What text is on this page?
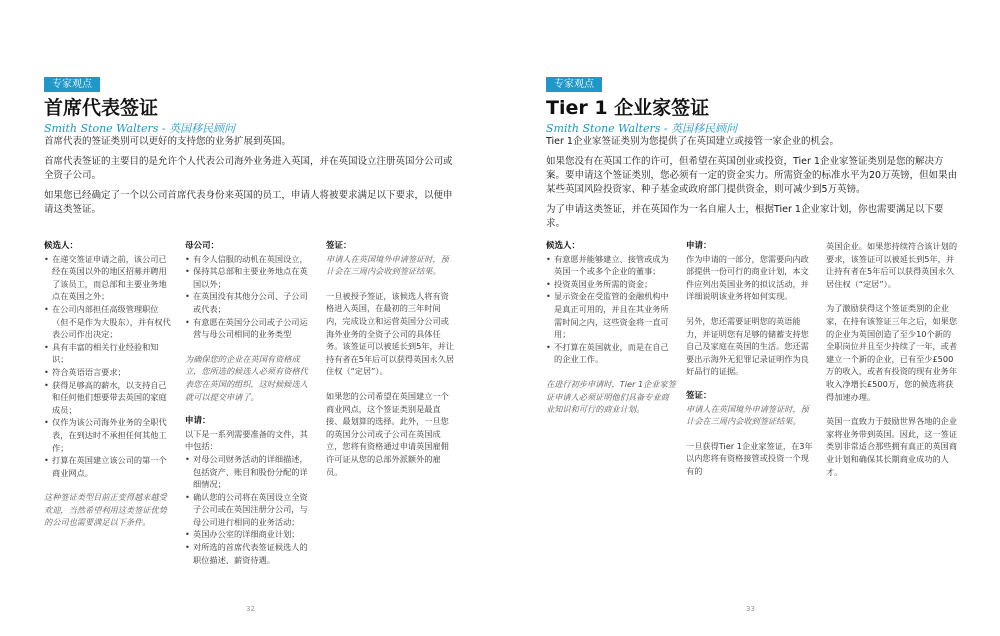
专家观点
首席代表签证
Smith Stone Walters - 英国移民顾问

首席代表的签证类别可以更好的支持您的业务扩展到英国。

首席代表签证的主要目的是允许个人代表公司海外业务进入英国，并在英国设立注册英国分公司或全资子公司。

如果您已经确定了一个以公司首席代表身份来英国的员工，申请人将被要求满足以下要求，以便申请这类签证。

候选人：
• 在递交签证申请之前，该公司已经在英国以外的地区招募并聘用了该员工，而总部和主要业务地点在英国之外；
• 在公司内部担任高级管理职位（但不是作为大股东），并有权代表公司作出决定；
• 具有丰富的相关行业经验和知识；
• 符合英语语言要求；
• 获得足够高的薪水，以支持自己和任何他们想要带去英国的家庭成员；
• 仅作为该公司海外业务的全职代表，在到达时不承担任何其他工作；
• 打算在英国建立该公司的第一个商业网点。

这种签证类型目前正变得越来越受欢迎，当然希望利用这类签证优势的公司也需要满足以下条件。

母公司：
• 有令人信服的动机在英国设立，
• 保持其总部和主要业务地点在英国以外；
• 在英国没有其他分公司、子公司或代表；
• 有意愿在英国分公司或子公司运营与母公司相同的业务类型

为确保您的企业在英国有资格成立，您所选的候选人必须有资格代表您在英国的组织，这时候候选人就可以提交申请了。

申请：

以下是一系列需要准备的文件，其中包括：

• 对母公司财务活动的详细描述，包括资产、账目和股份分配的详细情况；
• 确认您的公司将在英国设立全资子公司或在英国注册分公司，与母公司进行相同的业务活动；
• 英国办公室的详细商业计划；
• 对所选的首席代表签证候选人的职位描述、薪资待遇。
签证：

申请人在英国境外申请签证时，预计会在三周内会收到签证结果。

一旦被授予签证，该候选人将有资格进入英国，在最初的三年时间内，完成设立和运营英国分公司或海外业务的全资子公司的具体任务。该签证可以被延长到5年，并让持有者在5年后可以获得英国永久居住权（“定居”）。

如果您的公司希望在英国建立一个商业网点，这个签证类别是最直接、最划算的选择。此外，一旦您的英国分公司或子公司在英国成立，您将有资格通过申请英国雇佣许可证从您的总部外派额外的雇员。

32
专家观点
Tier 1 企业家签证
Smith Stone Walters - 英国移民顾问

Tier 1企业家签证类别为您提供了在英国建立或接管一家企业的机会。

如果您没有在英国工作的许可，但希望在英国创业或投资，Tier 1企业家签证类别是您的解决方案。要申请这个签证类别，您必须有一定的资金实力。所需资金的标准水平为20万英镑，但如果由某些英国风险投资家、种子基金或政府部门提供资金，则可减少到5万英镑。

为了申请这类签证，并在英国作为一名自雇人士，根据Tier 1企业家计划，你也需要满足以下要求。

候选人：
• 有意愿并能够建立、接管或成为英国一个或多个企业的董事；
• 投资英国业务所需的资金；
• 显示资金在受监管的金融机构中是真正可用的，并且在其业务所需时间之内，这些资金将一直可用；
• 不打算在英国就业，而是在自己的企业工作。

在进行初步申请时，Tier 1企业家签证申请人必须证明他们具备专业商业知识和可行的商业计划。

申请：

作为申请的一部分，您需要向内政部提供一份可行的商业计划，本文件应列出英国业务的拟议活动，并详细说明该业务将如何实现。

另外，您还需要证明您的英语能力，并证明您有足够的储蓄支持您自己及家庭在英国的生活。您还需要出示海外无犯罪记录证明作为良好品行的证据。

签证：

申请人在英国境外申请签证时，预计会在三周内会收到签证结果。

一旦获得Tier 1企业家签证，在3年以内您将有资格接管或投资一个现有的

英国企业。如果您持续符合该计划的要求，该签证可以被延长到5年，并让持有者在5年后可以获得英国永久居住权（“定居”）。

为了激励获得这个签证类别的企业家，在持有该签证三年之后，如果您的企业为英国创造了至少10个新的全职岗位并且至少持续了一年，或者建立一个新的企业，已有至少£500万的收入，或者有投资的现有业务年收入净增长£500万，您的候选将获得加速办理。

英国一直致力于鼓励世界各地的企业家将业务带到英国。因此，这一签证类别非常适合那些拥有真正的英国商业计划和确保其长期商业成功的人才。

33
